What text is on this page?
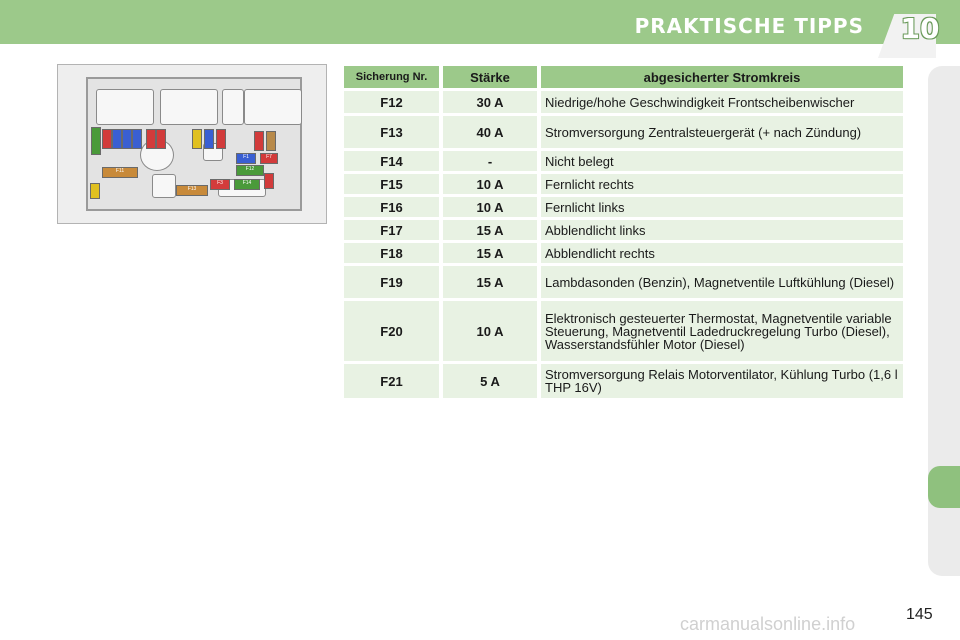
PRAKTISCHE TIPPS 10
F1
F12
F3	F14
F7
F11
F13
Sicherung Nr.	Stärke	abgesicherter Stromkreis
F12	30 A	Niedrige/hohe Geschwindigkeit Frontscheibenwischer
F13	40 A	Stromversorgung Zentralsteuergerät (+ nach Zündung)
F14	-	Nicht belegt
F15	10 A	Fernlicht rechts
F16	10 A	Fernlicht links
F17	15 A	Abblendlicht links
F18	15 A	Abblendlicht rechts
F19	15 A	Lambdasonden (Benzin), Magnetventile Luftkühlung (Diesel)
F20	10 A	Elektronisch gesteuerter Thermostat, Magnetventile variable Steuerung, Magnetventil Ladedruckregelung Turbo (Diesel), Wasserstandsfühler Motor (Diesel)
F21	5 A	Stromversorgung Relais Motorventilator, Kühlung Turbo (1,6 l THP 16V)
carmanualsonline.info	145
